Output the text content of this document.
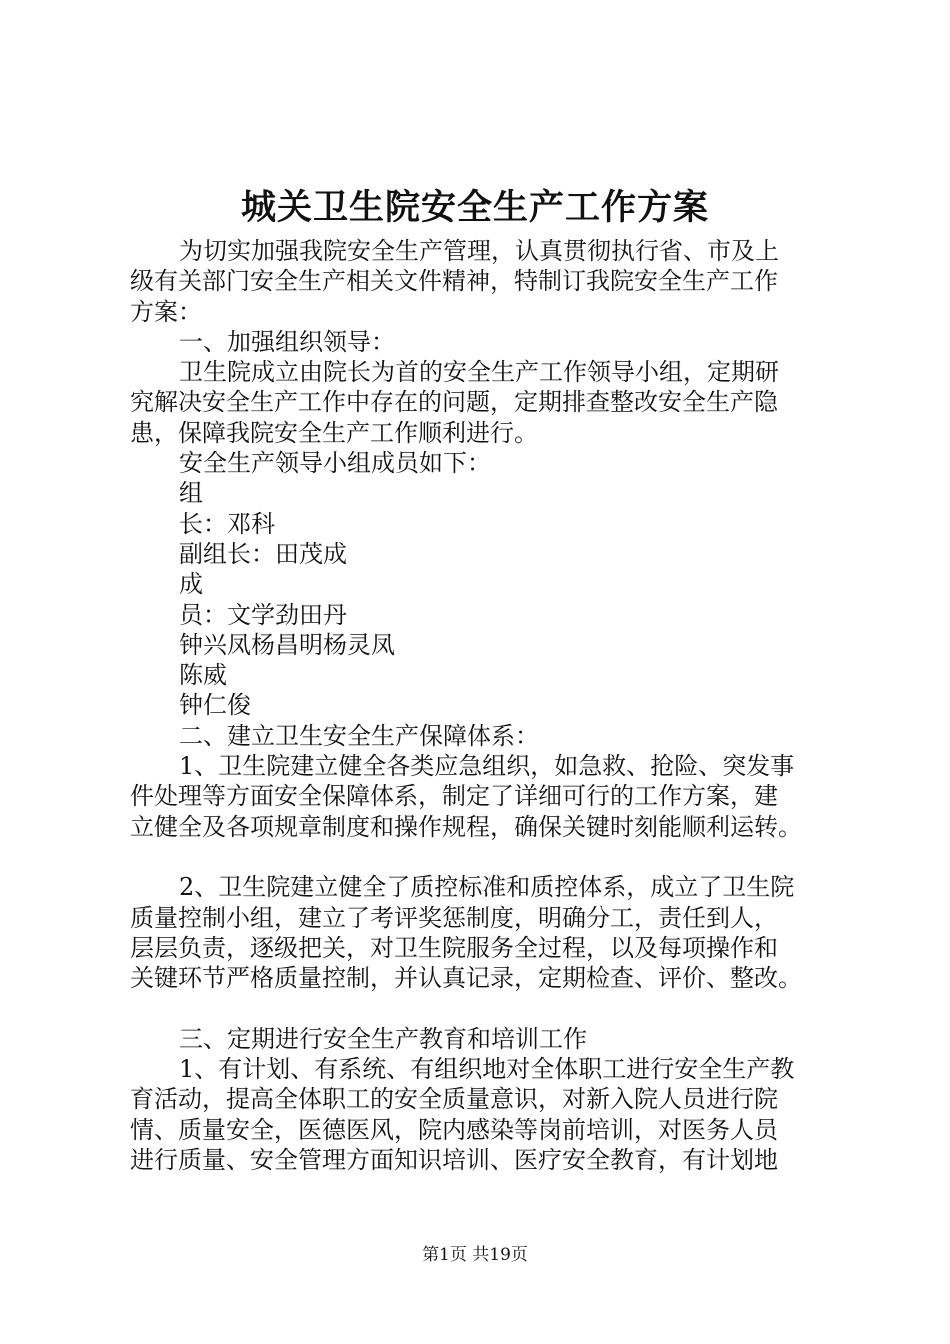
城关卫生院安全生产工作方案

为切实加强我院安全生产管理，认真贯彻执行省、市及上

级有关部门安全生产相关文件精神，特制订我院安全生产工作

方案：

一、加强组织领导：

卫生院成立由院长为首的安全生产工作领导小组，定期研

究解决安全生产工作中存在的问题，定期排查整改安全生产隐

患，保障我院安全生产工作顺利进行。

安全生产领导小组成员如下：

组

长：邓科

副组长：田茂成

成

员：文学劲田丹

钟兴凤杨昌明杨灵凤

陈威

钟仁俊

二、建立卫生安全生产保障体系：

1、卫生院建立健全各类应急组织，如急救、抢险、突发事

件处理等方面安全保障体系，制定了详细可行的工作方案，建

立健全及各项规章制度和操作规程，确保关键时刻能顺利运转。

2、卫生院建立健全了质控标准和质控体系，成立了卫生院

质量控制小组，建立了考评奖惩制度，明确分工，责任到人，

层层负责，逐级把关，对卫生院服务全过程，以及每项操作和

关键环节严格质量控制，并认真记录，定期检查、评价、整改。

三、定期进行安全生产教育和培训工作

1、有计划、有系统、有组织地对全体职工进行安全生产教

育活动，提高全体职工的安全质量意识，对新入院人员进行院

情、质量安全，医德医风，院内感染等岗前培训，对医务人员

进行质量、安全管理方面知识培训、医疗安全教育，有计划地

第1页 共19页
